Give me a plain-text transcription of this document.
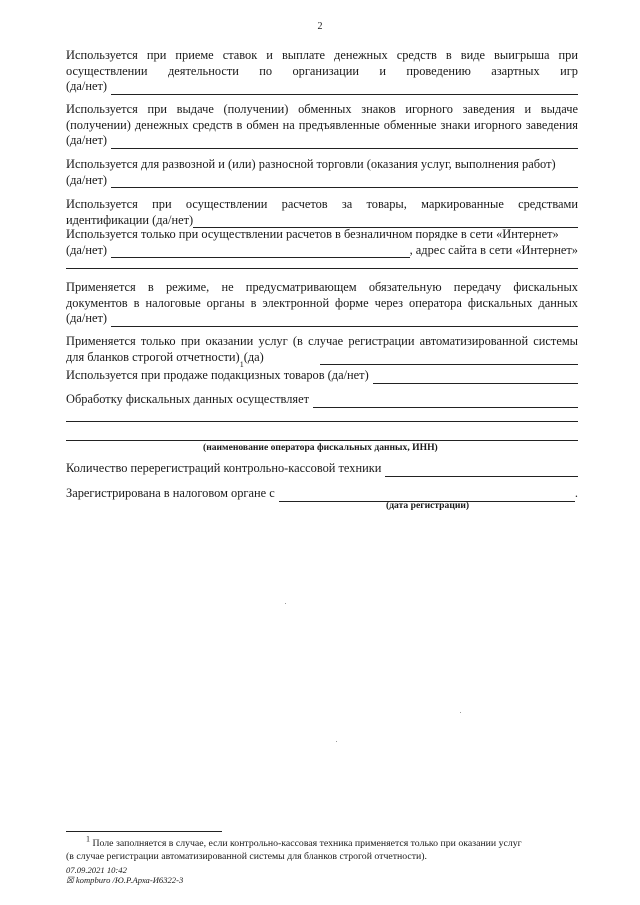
2
Используется при приеме ставок и выплате денежных средств в виде выигрыша при
осуществлении деятельности по организации и проведению азартных игр
(да/нет)
Используется при выдаче (получении) обменных знаков игорного заведения и выдаче
(получении) денежных средств в обмен на предъявленные обменные знаки игорного заведения
(да/нет)
Используется для развозной и (или) разносной торговли (оказания услуг, выполнения работ)
(да/нет)
Используется при осуществлении расчетов за товары, маркированные средствами
идентификации (да/нет)
Используется только при осуществлении расчетов в безналичном порядке в сети «Интернет»
(да/нет)	, адрес сайта в сети «Интернет»
Применяется в режиме, не предусматривающем обязательную передачу фискальных
документов в налоговые органы в электронной форме через оператора фискальных данных
(да/нет)
Применяется только при оказании услуг (в случае регистрации автоматизированной системы
для бланков строгой отчетности)
1
(да)
Используется при продаже подакцизных товаров (да/нет)
Обработку фискальных данных осуществляет
(наименование оператора фискальных данных, ИНН)
Количество перерегистраций контрольно-кассовой техники
Зарегистрирована в налоговом органе с	.
(дата регистрации)
$^1$ Поле заполняется в случае, если контрольно-кассовая техника применяется только при оказании услуг
(в случае регистрации автоматизированной системы для бланков строгой отчетности).
07.09.2021 10:42
☒ kompburo /Ю.Р.Арха-И6322-3
